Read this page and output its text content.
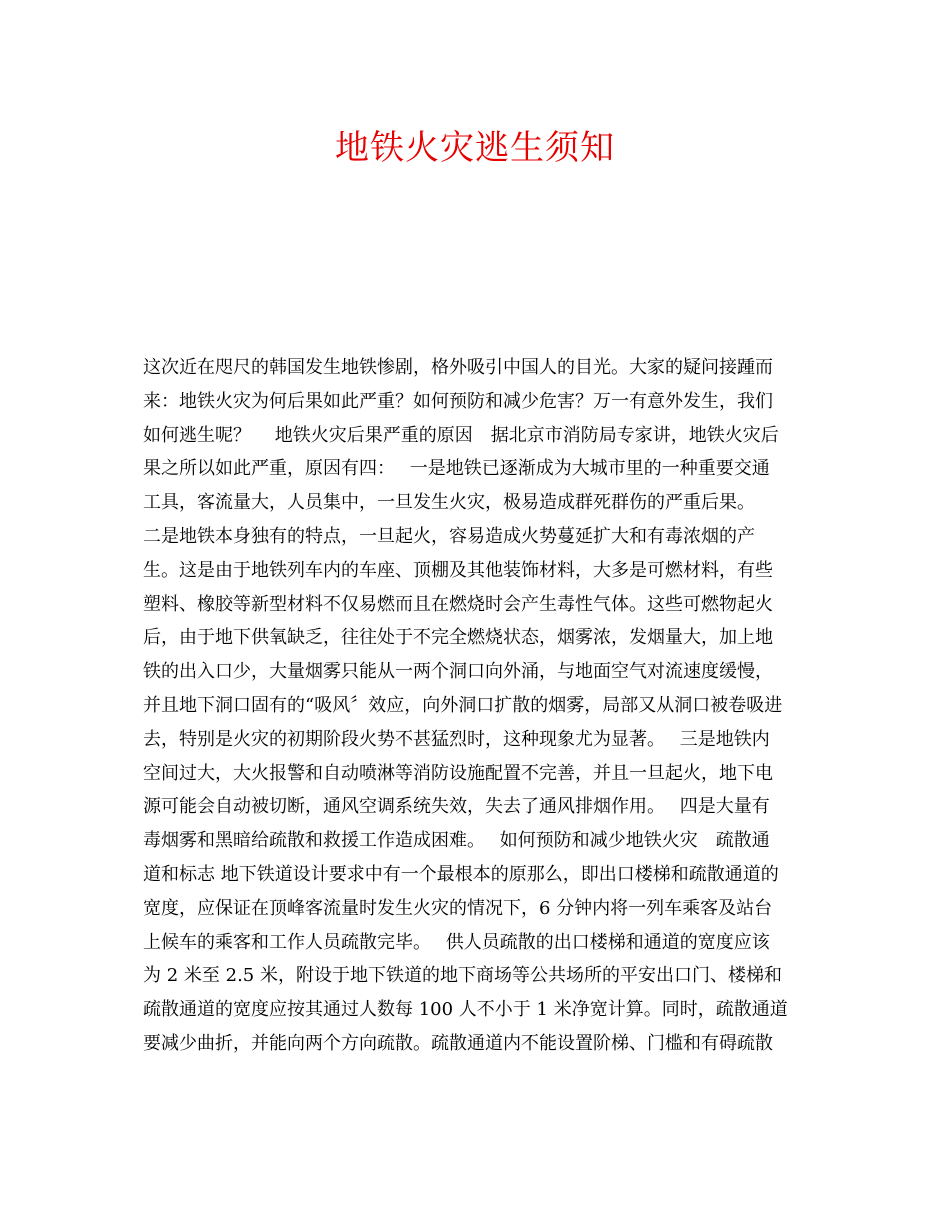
地铁火灾逃生须知
这次近在咫尺的韩国发生地铁惨剧，格外吸引中国人的目光。大家的疑问接踵而
来：地铁火灾为何后果如此严重？如何预防和减少危害？万一有意外发生，我们
如何逃生呢？　 地铁火灾后果严重的原因　据北京市消防局专家讲，地铁火灾后
果之所以如此严重，原因有四：　 一是地铁已逐渐成为大城市里的一种重要交通
工具，客流量大，人员集中，一旦发生火灾，极易造成群死群伤的严重后果。
二是地铁本身独有的特点，一旦起火，容易造成火势蔓延扩大和有毒浓烟的产
生。这是由于地铁列车内的车座、顶棚及其他装饰材料，大多是可燃材料，有些
塑料、橡胶等新型材料不仅易燃而且在燃烧时会产生毒性气体。这些可燃物起火
后，由于地下供氧缺乏，往往处于不完全燃烧状态，烟雾浓，发烟量大，加上地
铁的出入口少，大量烟雾只能从一两个洞口向外涌，与地面空气对流速度缓慢，
并且地下洞口固有的“吸风〞效应，向外洞口扩散的烟雾，局部又从洞口被卷吸进
去，特别是火灾的初期阶段火势不甚猛烈时，这种现象尤为显著。　 三是地铁内
空间过大，大火报警和自动喷淋等消防设施配置不完善，并且一旦起火，地下电
源可能会自动被切断，通风空调系统失效，失去了通风排烟作用。　 四是大量有
毒烟雾和黑暗给疏散和救援工作造成困难。　 如何预防和减少地铁火灾　疏散通
道和标志 地下铁道设计要求中有一个最根本的原那么，即出口楼梯和疏散通道的
宽度，应保证在顶峰客流量时发生火灾的情况下，6 分钟内将一列车乘客及站台
上候车的乘客和工作人员疏散完毕。　 供人员疏散的出口楼梯和通道的宽度应该
为 2 米至 2.5 米，附设于地下铁道的地下商场等公共场所的平安出口门、楼梯和
疏散通道的宽度应按其通过人数每 100 人不小于 1 米净宽计算。同时，疏散通道
要减少曲折，并能向两个方向疏散。疏散通道内不能设置阶梯、门槛和有碍疏散
